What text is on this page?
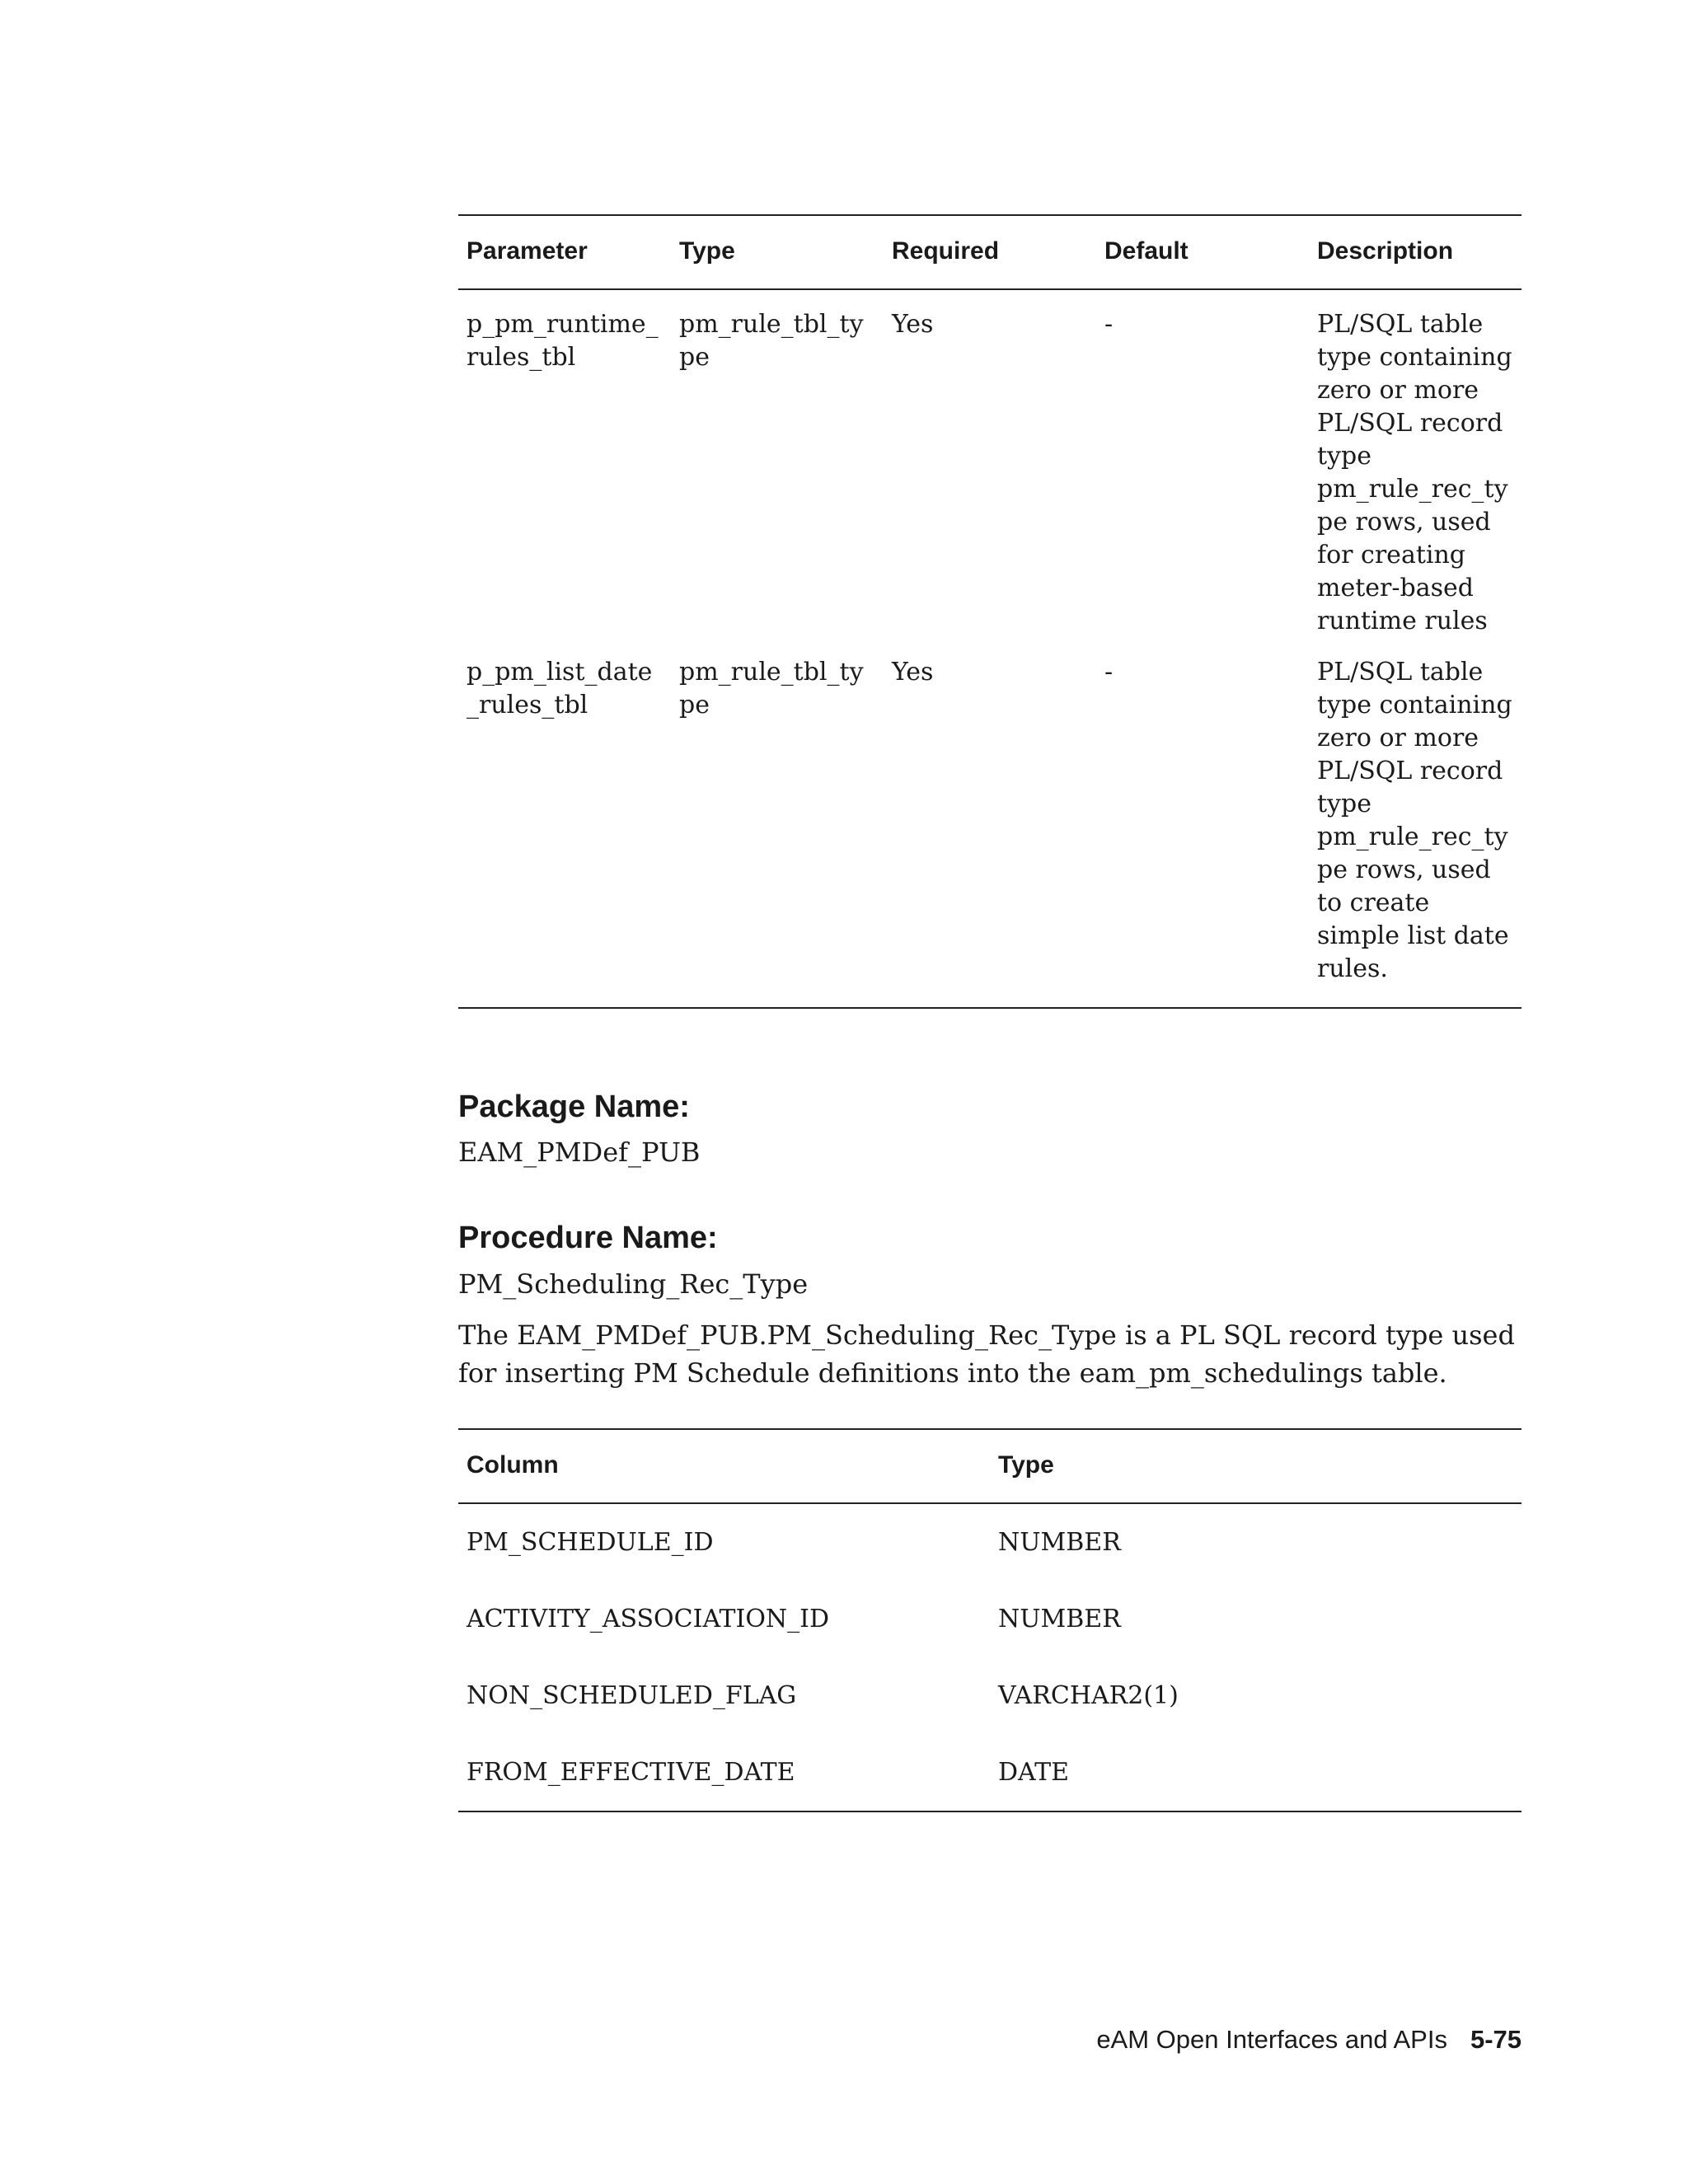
Parameter	Type	Required	Default	Description
p_pm_runtime_rules_tbl	pm_rule_tbl_type	Yes	-	PL/SQL table type containing zero or more PL/SQL record type pm_rule_rec_type rows, used for creating meter-based runtime rules
p_pm_list_date_rules_tbl	pm_rule_tbl_type	Yes	-	PL/SQL table type containing zero or more PL/SQL record type pm_rule_rec_type rows, used to create simple list date rules.
Package Name:

EAM_PMDef_PUB

Procedure Name:

PM_Scheduling_Rec_Type

The EAM_PMDef_PUB.PM_Scheduling_Rec_Type is a PL SQL record type used for inserting PM Schedule definitions into the eam_pm_schedulings table.

Column	Type
PM_SCHEDULE_ID	NUMBER
ACTIVITY_ASSOCIATION_ID	NUMBER
NON_SCHEDULED_FLAG	VARCHAR2(1)
FROM_EFFECTIVE_DATE	DATE
eAM Open Interfaces and APIs 5-75
